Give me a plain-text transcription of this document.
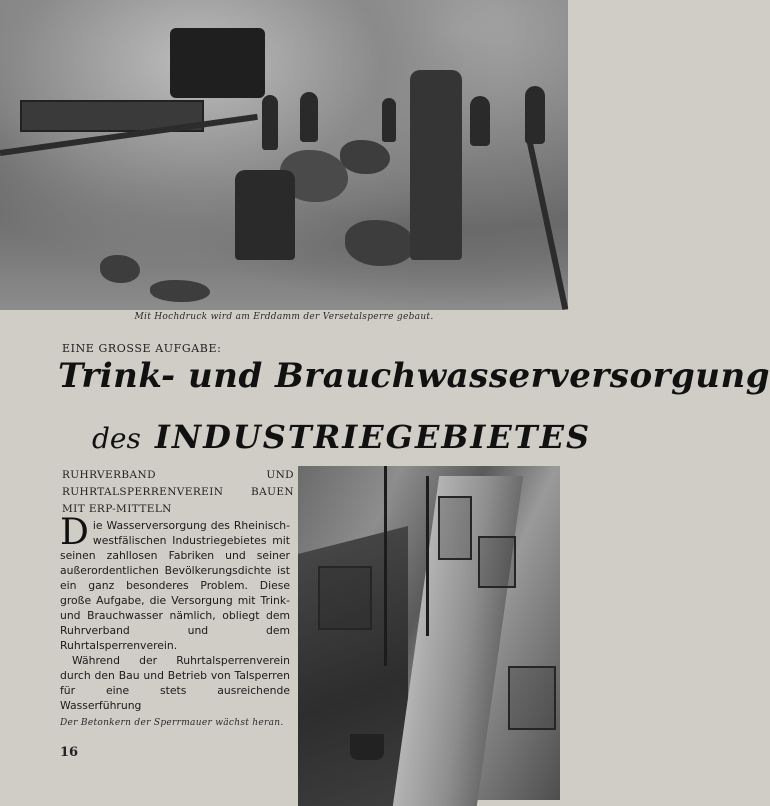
Mit Hochdruck wird am Erddamm der Versetalsperre gebaut.
EINE GROSSE AUFGABE:
Trink- und Brauchwasserversorgung
des INDUSTRIEGEBIETES
RUHRVERBAND UND RUHRTALSPERRENVEREIN BAUEN MIT ERP-MITTELN

Die Wasserversorgung des Rheinisch-westfälischen Industriegebietes mit seinen zahllosen Fabriken und seiner außerordentlichen Bevölkerungsdichte ist ein ganz besonderes Problem. Diese große Aufgabe, die Versorgung mit Trink- und Brauchwasser nämlich, obliegt dem Ruhrverband und dem Ruhrtalsperrenverein.

Während der Ruhrtalsperrenverein durch den Bau und Betrieb von Talsperren für eine stets ausreichende Wasserführung

Der Betonkern der Sperrmauer wächst heran.
16
